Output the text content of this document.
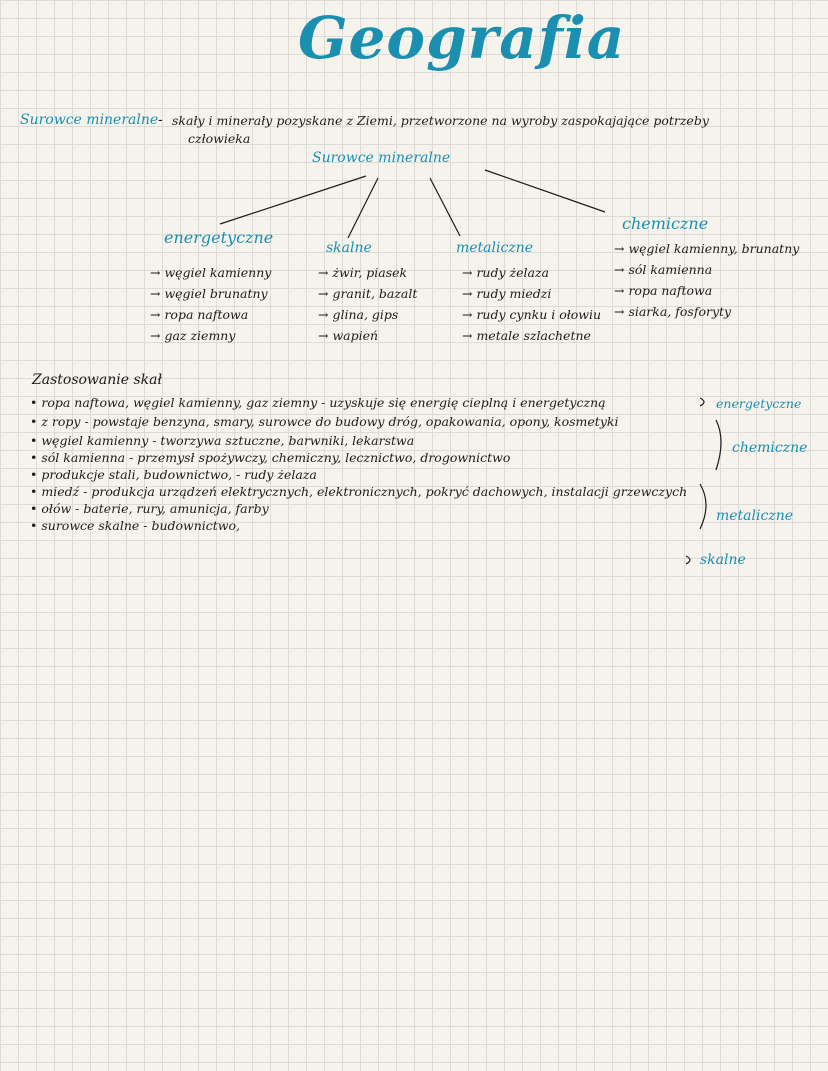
Geografia
Surowce mineralne - skały i minerały pozyskane z Ziemi, przetworzone na wyroby zaspokajające potrzeby
człowieka
Surowce mineralne
energetyczne
→ węgiel kamienny
→ węgiel brunatny
→ ropa naftowa
→ gaz ziemny
skalne
→ żwir, piasek
→ granit, bazalt
→ glina, gips
→ wapień
metaliczne
→ rudy żelaza
→ rudy miedzi
→ rudy cynku i ołowiu
→ metale szlachetne
chemiczne
→ węgiel kamienny, brunatny
→ sól kamienna
→ ropa naftowa
→ siarka, fosforyty
Zastosowanie skał
• ropa naftowa, węgiel kamienny, gaz ziemny - uzyskuje się energię cieplną i energetyczną
• z ropy - powstaje benzyna, smary, surowce do budowy dróg, opakowania, opony, kosmetyki
• węgiel kamienny - tworzywa sztuczne, barwniki, lekarstwa
• sól kamienna - przemysł spożywczy, chemiczny, lecznictwo, drogownictwo
• produkcje stali, budownictwo, - rudy żelaza
• miedź - produkcja urządzeń elektrycznych, elektronicznych, pokryć dachowych, instalacji grzewczych
• ołów - baterie, rury, amunicja, farby
• surowce skalne - budownictwo,
energetyczne
chemiczne
metaliczne
skalne
